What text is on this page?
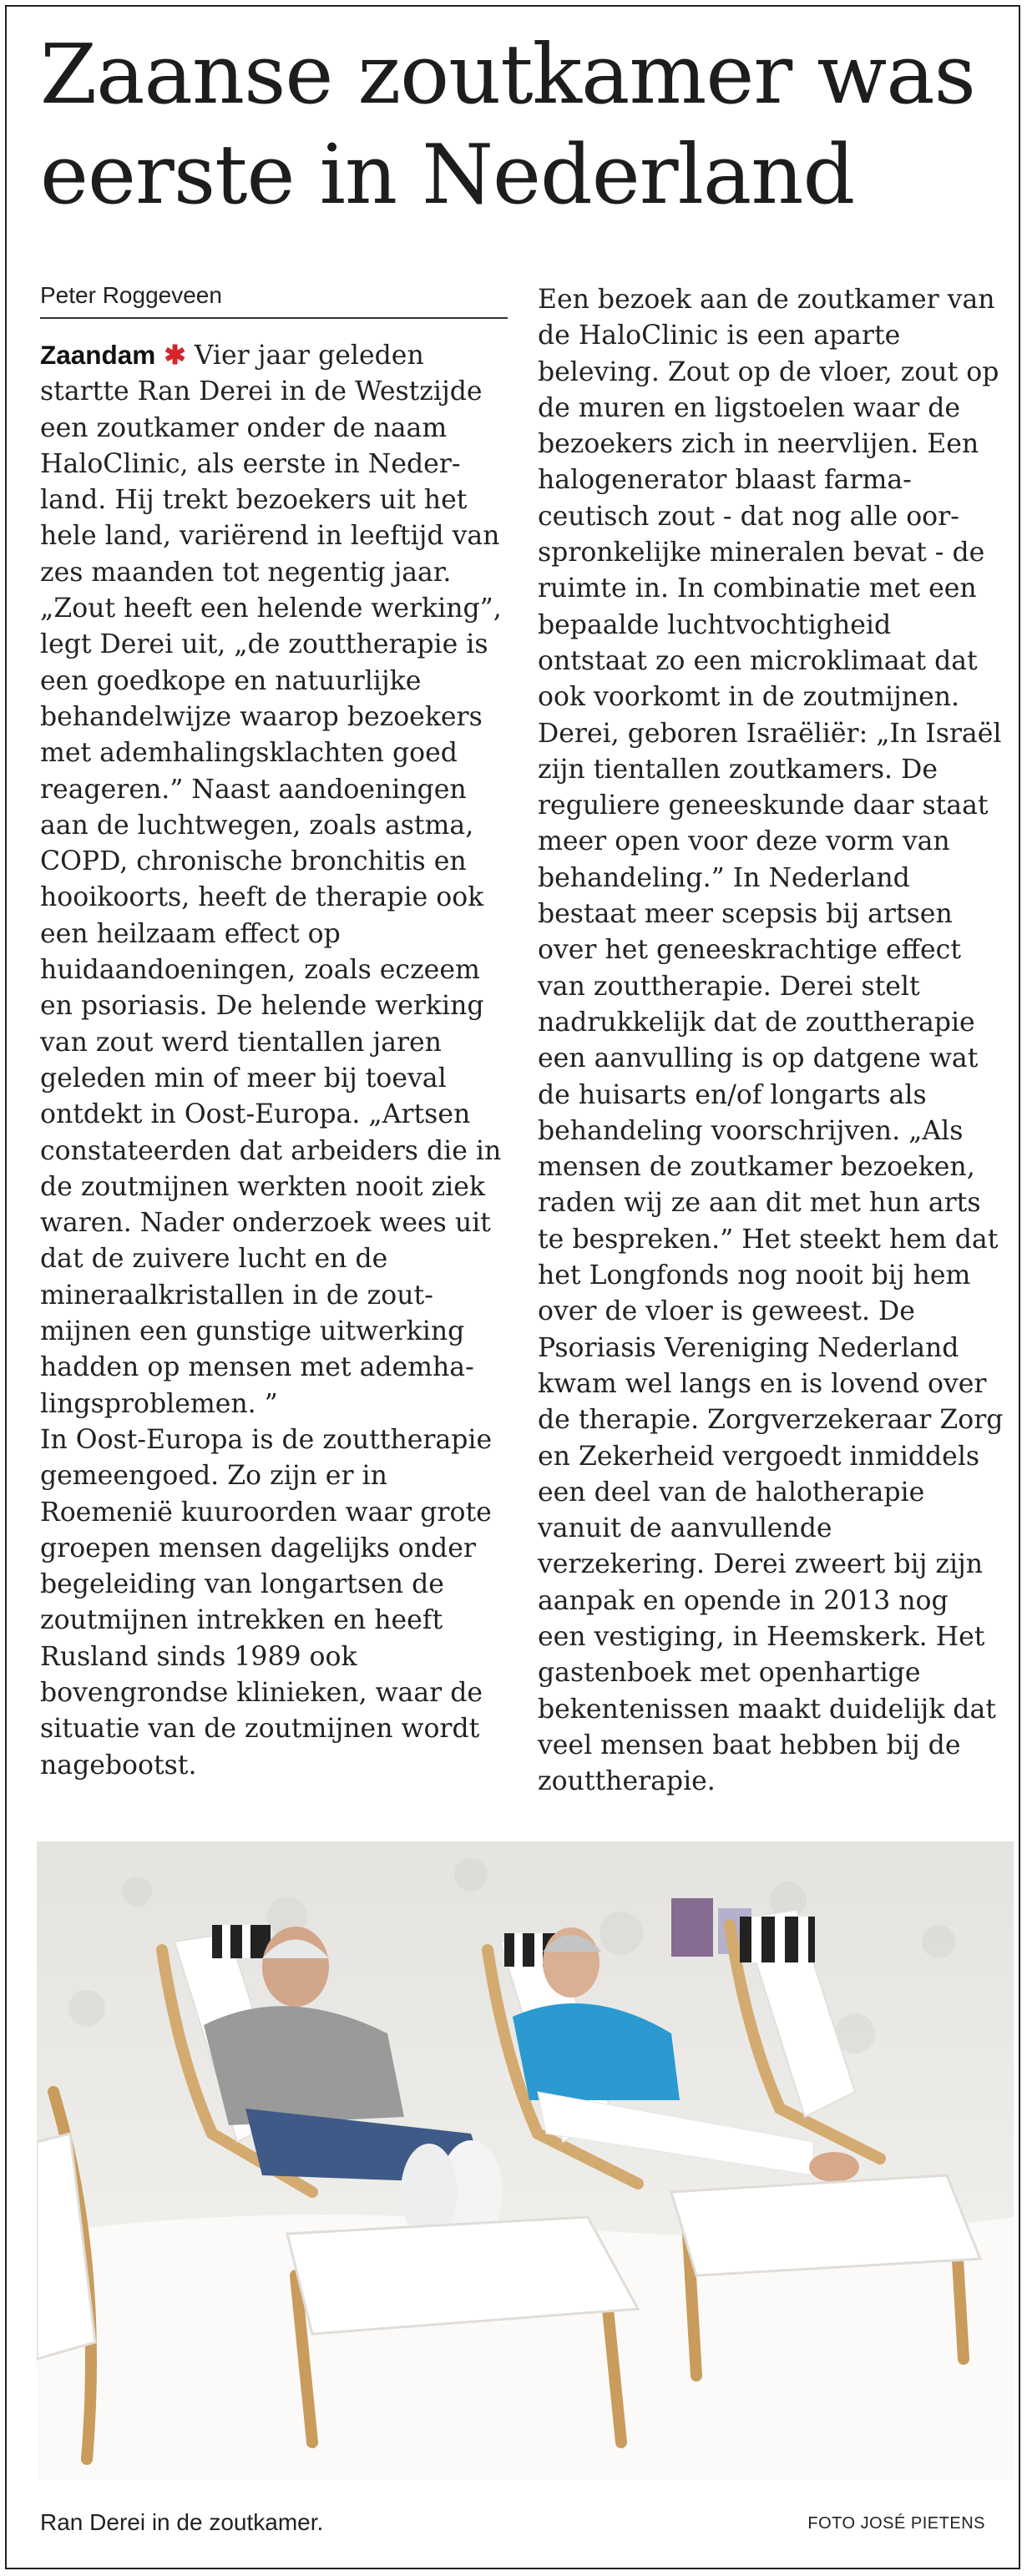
Zaanse zoutkamer was
eerste in Nederland
Peter Roggeveen

Zaandam ✱ Vier jaar geleden startte Ran Derei in de Westzijde een zoutkamer onder de naam HaloClinic, als eerste in Nederland. Hij trekt bezoekers uit het hele land, variërend in leeftijd van zes maanden tot negentig jaar. „Zout heeft een helende werking”, legt Derei uit, „de zouttherapie is een goedkope en natuurlijke behandelwijze waarop bezoekers met ademhalingsklachten goed reageren.” Naast aandoeningen aan de luchtwegen, zoals astma, COPD, chronische bronchitis en hooikoorts, heeft de therapie ook een heilzaam effect op huidaandoeningen, zoals eczeem en psoriasis. De helende werking van zout werd tientallen jaren geleden min of meer bij toeval ontdekt in Oost-Europa. „Artsen constateerden dat arbeiders die in de zoutmijnen werkten nooit ziek waren. Nader onderzoek wees uit dat de zuivere lucht en de mineraalkristallen in de zoutmijnen een gunstige uitwerking hadden op mensen met ademhalingsproblemen. ”

In Oost-Europa is de zouttherapie gemeengoed. Zo zijn er in Roemenië kuuroorden waar grote groepen mensen dagelijks onder begeleiding van longartsen de zoutmijnen intrekken en heeft Rusland sinds 1989 ook bovengrondse klinieken, waar de situatie van de zoutmijnen wordt nagebootst.

Een bezoek aan de zoutkamer van de HaloClinic is een aparte beleving. Zout op de vloer, zout op de muren en ligstoelen waar de bezoekers zich in neervlijen. Een halogenerator blaast farmaceutisch zout - dat nog alle oorspronkelijke mineralen bevat - de ruimte in. In combinatie met een bepaalde luchtvochtigheid ontstaat zo een microklimaat dat ook voorkomt in de zoutmijnen. Derei, geboren Israëliër: „In Israël zijn tientallen zoutkamers. De reguliere geneeskunde daar staat meer open voor deze vorm van behandeling.” In Nederland bestaat meer scepsis bij artsen over het geneeskrachtige effect van zouttherapie. Derei stelt nadrukkelijk dat de zouttherapie een aanvulling is op datgene wat de huisarts en/of longarts als behandeling voorschrijven. „Als mensen de zoutkamer bezoeken, raden wij ze aan dit met hun arts te bespreken.” Het steekt hem dat het Longfonds nog nooit bij hem over de vloer is geweest. De Psoriasis Vereniging Nederland kwam wel langs en is lovend over de therapie. Zorgverzekeraar Zorg en Zekerheid vergoedt inmiddels een deel van de halotherapie vanuit de aanvullende verzekering. Derei zweert bij zijn aanpak en opende in 2013 nog een vestiging, in Heemskerk. Het gastenboek met openhartige bekentenissen maakt duidelijk dat veel mensen baat hebben bij de zouttherapie.

Ran Derei in de zoutkamer.	FOTO JOSÉ PIETENS
